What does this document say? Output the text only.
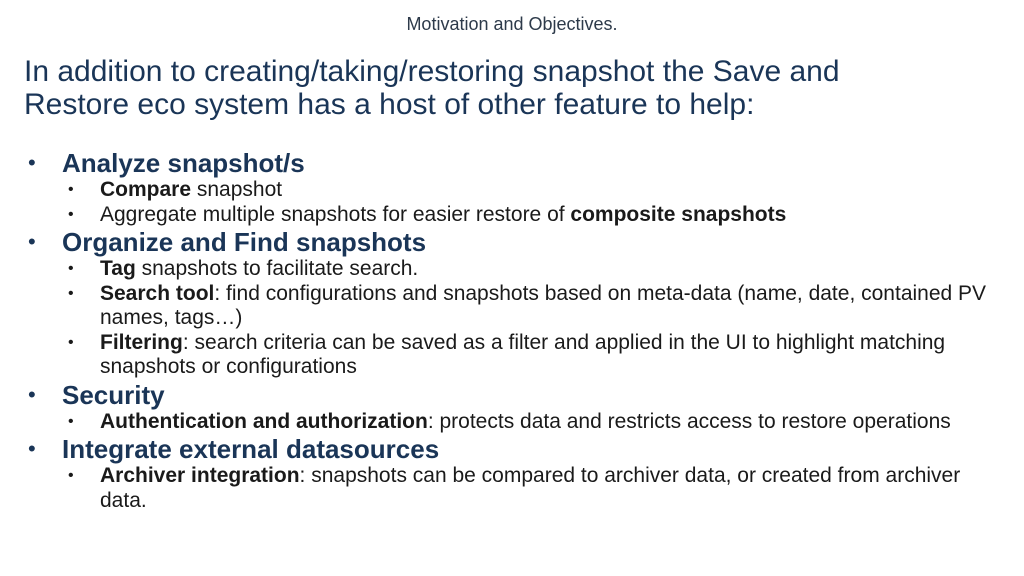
Motivation and Objectives.
In addition to creating/taking/restoring snapshot the Save and
Restore eco system has a host of other feature to help:
• Analyze snapshot/s
• Compare snapshot
• Aggregate multiple snapshots for easier restore of composite snapshots
• Organize and Find snapshots
• Tag snapshots to facilitate search.
• Search tool: find configurations and snapshots based on meta-data (name, date, contained PV names, tags…)
• Filtering: search criteria can be saved as a filter and applied in the UI to highlight matching snapshots or configurations
• Security
• Authentication and authorization: protects data and restricts access to restore operations
• Integrate external datasources
• Archiver integration: snapshots can be compared to archiver data, or created from archiver data.
